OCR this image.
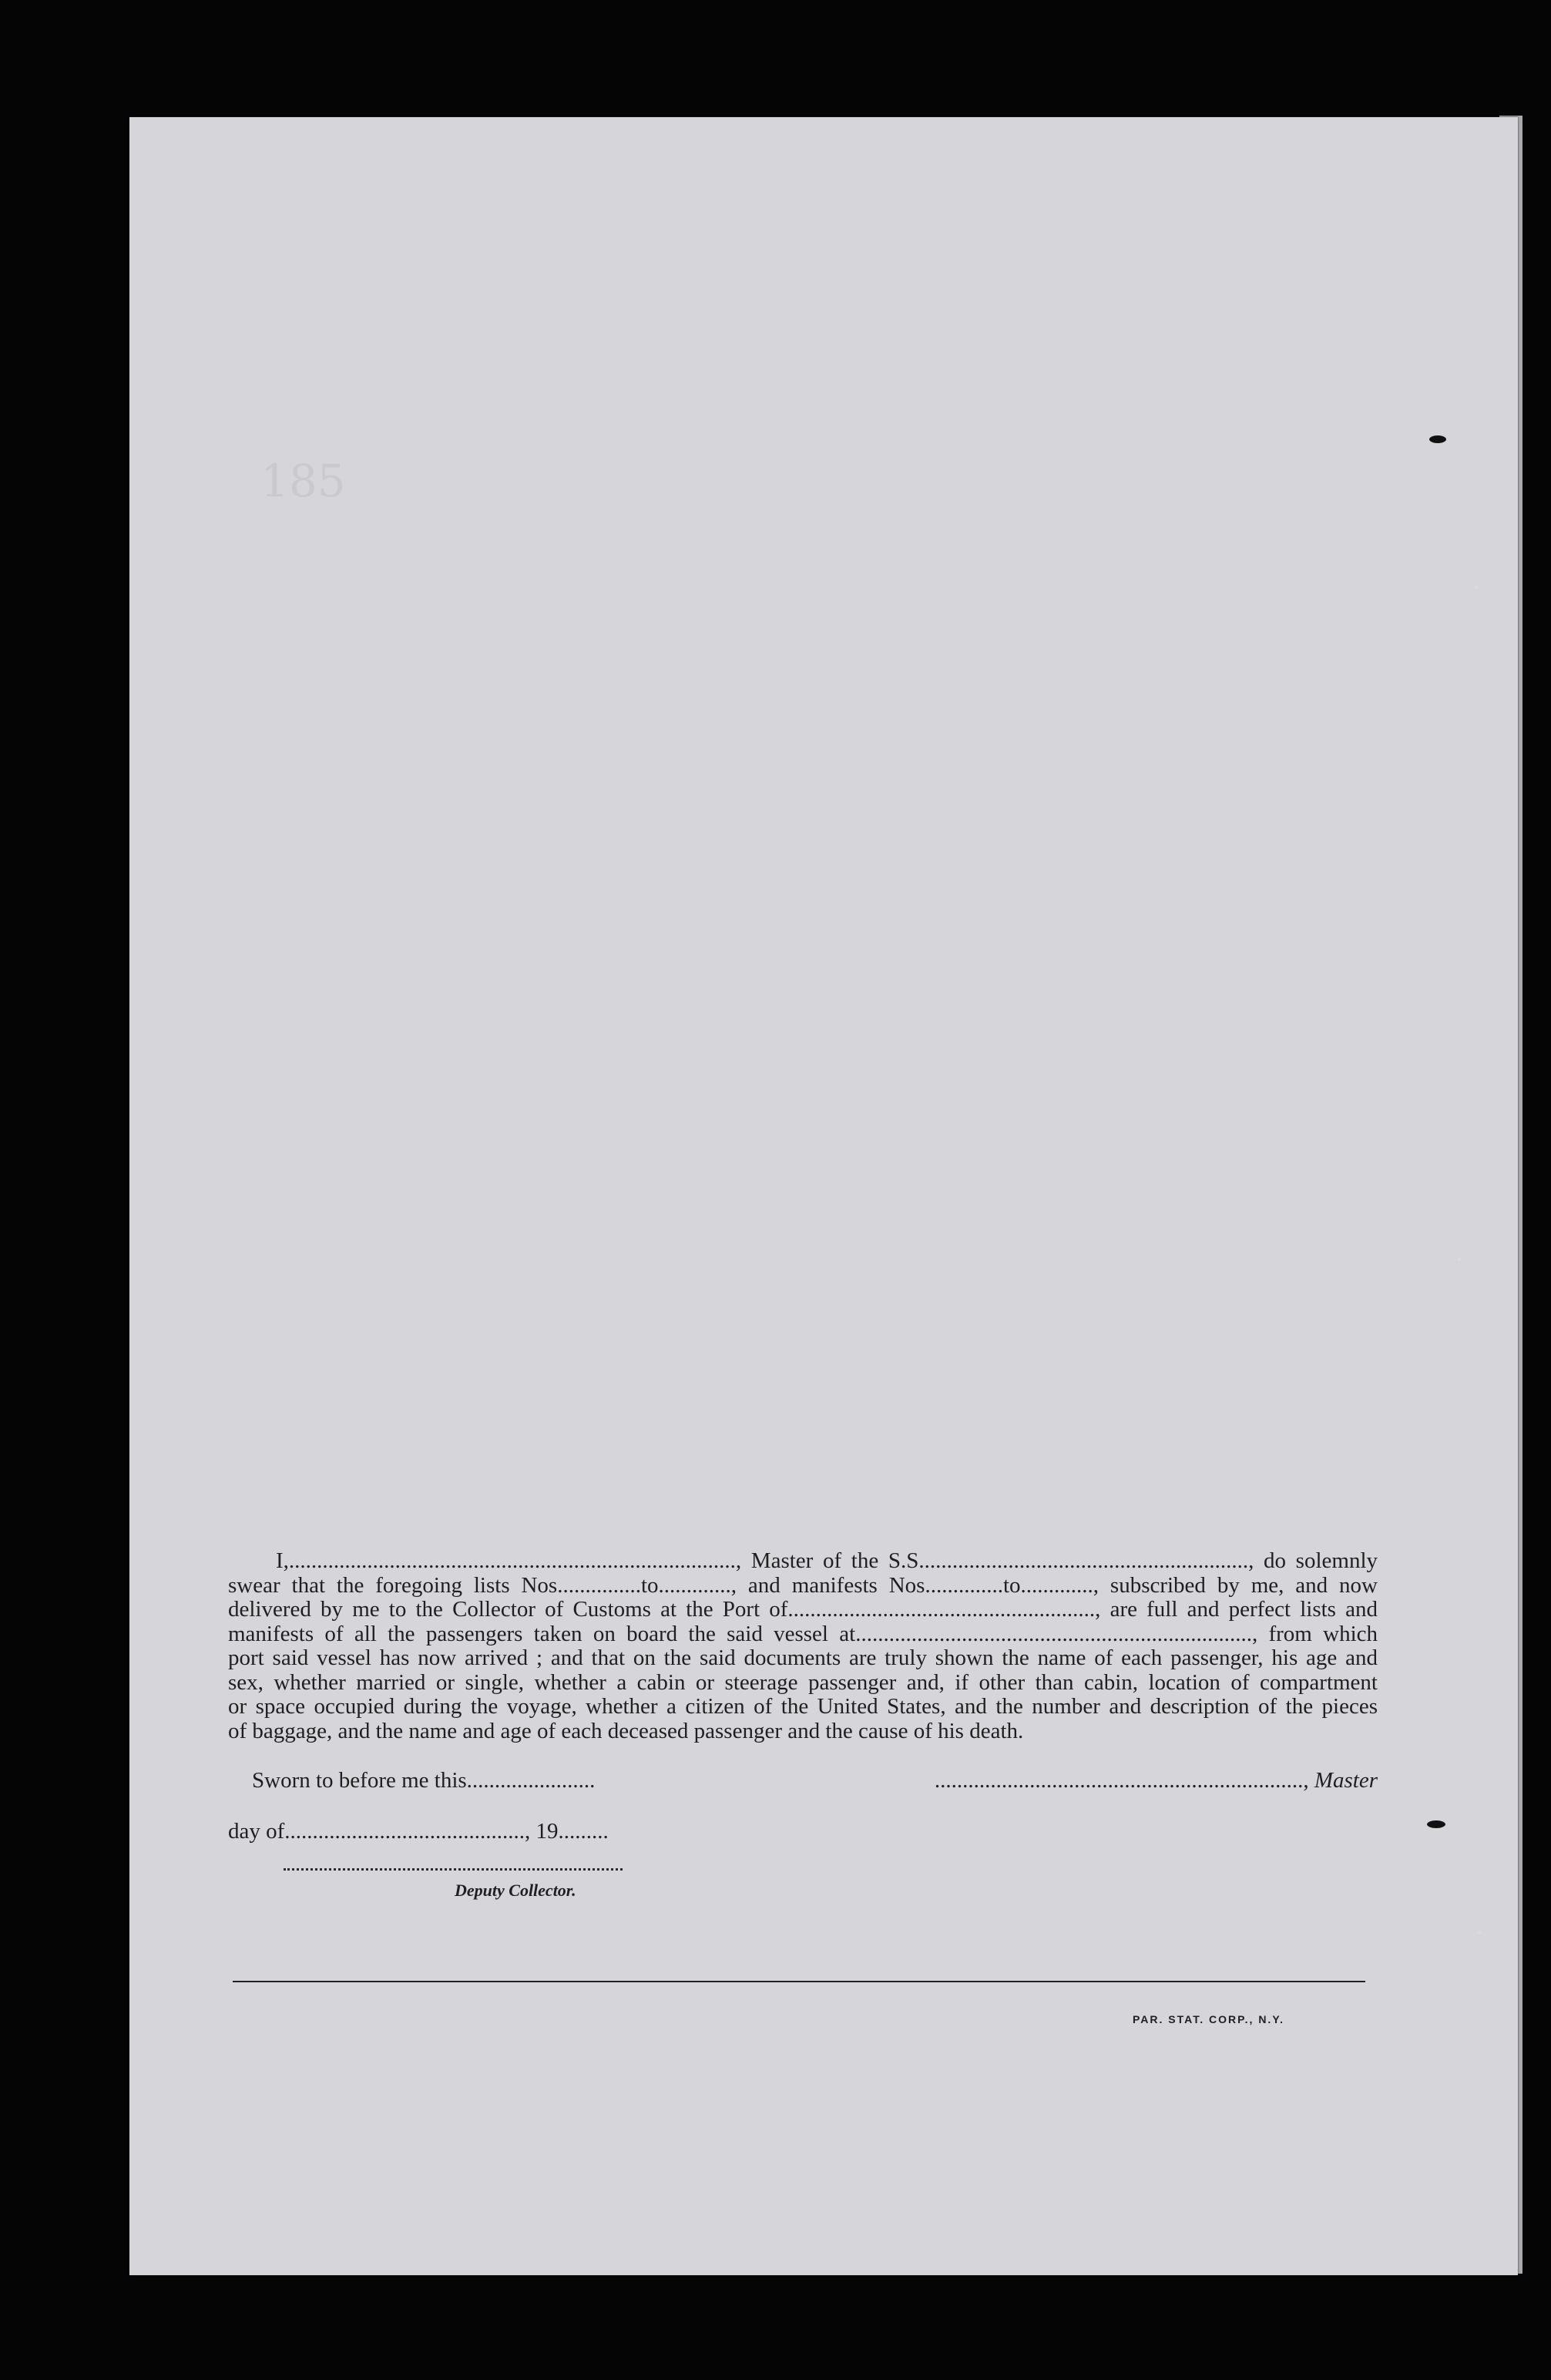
185
I,................................................................................, Master of the S.S..........................................................., do solemnly
swear that the foregoing lists Nos...............to............., and manifests Nos..............to............., subscribed by me, and now
delivered by me to the Collector of Customs at the Port of......................................................., are full and perfect lists and
manifests of all the passengers taken on board the said vessel at......................................................................., from which
port said vessel has now arrived ; and that on the said documents are truly shown the name of each passenger, his age and
sex, whether married or single, whether a cabin or steerage passenger and, if other than cabin, location of compartment
or space occupied during the voyage, whether a citizen of the United States, and the number and description of the pieces
of baggage, and the name and age of each deceased passenger and the cause of his death.
Sworn to before me this.......................	.................................................................., Master
day of..........................................., 19.........
Deputy Collector.
PAR. STAT. CORP., N.Y.
